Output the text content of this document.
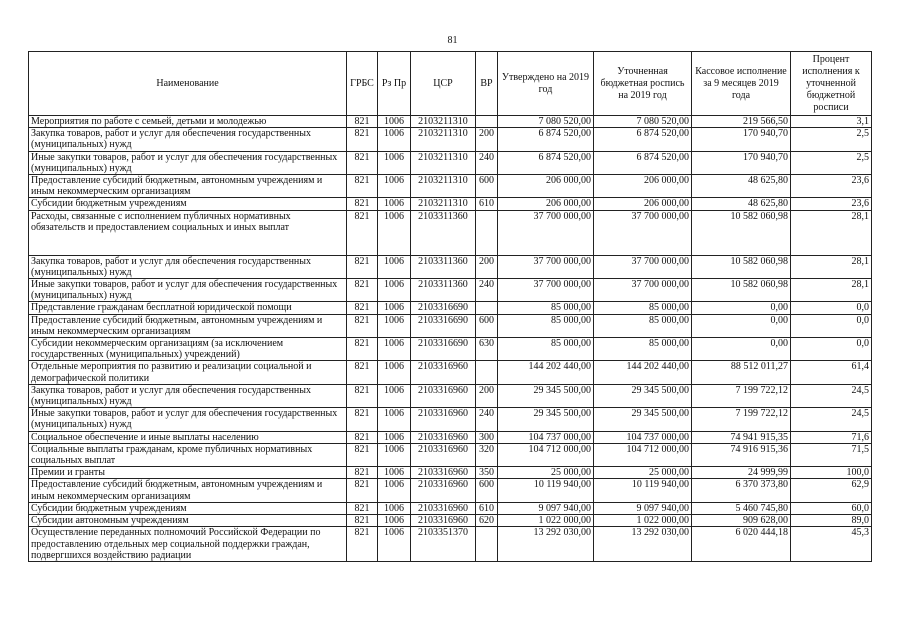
81
Наименование	ГРБС	Рз Пр	ЦСР	ВР	Утверждено на 2019 год	Уточненная бюджетная роспись на 2019 год	Кассовое исполнение за 9 месяцев 2019 года	Процент исполнения к уточненной бюджетной росписи
Мероприятия по работе с семьей, детьми и молодежью	821	1006	2103211310		7 080 520,00	7 080 520,00	219 566,50	3,1
Закупка товаров, работ и услуг для обеспечения государственных (муниципальных) нужд	821	1006	2103211310	200	6 874 520,00	6 874 520,00	170 940,70	2,5
Иные закупки товаров, работ и услуг для обеспечения государственных (муниципальных) нужд	821	1006	2103211310	240	6 874 520,00	6 874 520,00	170 940,70	2,5
Предоставление субсидий бюджетным, автономным учреждениям и иным некоммерческим организациям	821	1006	2103211310	600	206 000,00	206 000,00	48 625,80	23,6
Субсидии бюджетным учреждениям	821	1006	2103211310	610	206 000,00	206 000,00	48 625,80	23,6
Расходы, связанные с исполнением публичных нормативных обязательств и предоставлением социальных и иных выплат	821	1006	2103311360		37 700 000,00	37 700 000,00	10 582 060,98	28,1
Закупка товаров, работ и услуг для обеспечения государственных (муниципальных) нужд	821	1006	2103311360	200	37 700 000,00	37 700 000,00	10 582 060,98	28,1
Иные закупки товаров, работ и услуг для обеспечения государственных (муниципальных) нужд	821	1006	2103311360	240	37 700 000,00	37 700 000,00	10 582 060,98	28,1
Представление гражданам бесплатной юридической помощи	821	1006	2103316690		85 000,00	85 000,00	0,00	0,0
Предоставление субсидий бюджетным, автономным учреждениям и иным некоммерческим организациям	821	1006	2103316690	600	85 000,00	85 000,00	0,00	0,0
Субсидии некоммерческим организациям (за исключением государственных (муниципальных) учреждений)	821	1006	2103316690	630	85 000,00	85 000,00	0,00	0,0
Отдельные мероприятия по развитию и реализации социальной и демографической политики	821	1006	2103316960		144 202 440,00	144 202 440,00	88 512 011,27	61,4
Закупка товаров, работ и услуг для обеспечения государственных (муниципальных) нужд	821	1006	2103316960	200	29 345 500,00	29 345 500,00	7 199 722,12	24,5
Иные закупки товаров, работ и услуг для обеспечения государственных (муниципальных) нужд	821	1006	2103316960	240	29 345 500,00	29 345 500,00	7 199 722,12	24,5
Социальное обеспечение и иные выплаты населению	821	1006	2103316960	300	104 737 000,00	104 737 000,00	74 941 915,35	71,6
Социальные выплаты гражданам, кроме публичных нормативных социальных выплат	821	1006	2103316960	320	104 712 000,00	104 712 000,00	74 916 915,36	71,5
Премии и гранты	821	1006	2103316960	350	25 000,00	25 000,00	24 999,99	100,0
Предоставление субсидий бюджетным, автономным учреждениям и иным некоммерческим организациям	821	1006	2103316960	600	10 119 940,00	10 119 940,00	6 370 373,80	62,9
Субсидии бюджетным учреждениям	821	1006	2103316960	610	9 097 940,00	9 097 940,00	5 460 745,80	60,0
Субсидии автономным учреждениям	821	1006	2103316960	620	1 022 000,00	1 022 000,00	909 628,00	89,0
Осуществление переданных полномочий Российской Федерации по предоставлению отдельных мер социальной поддержки граждан, подвергшихся воздействию радиации	821	1006	2103351370		13 292 030,00	13 292 030,00	6 020 444,18	45,3
